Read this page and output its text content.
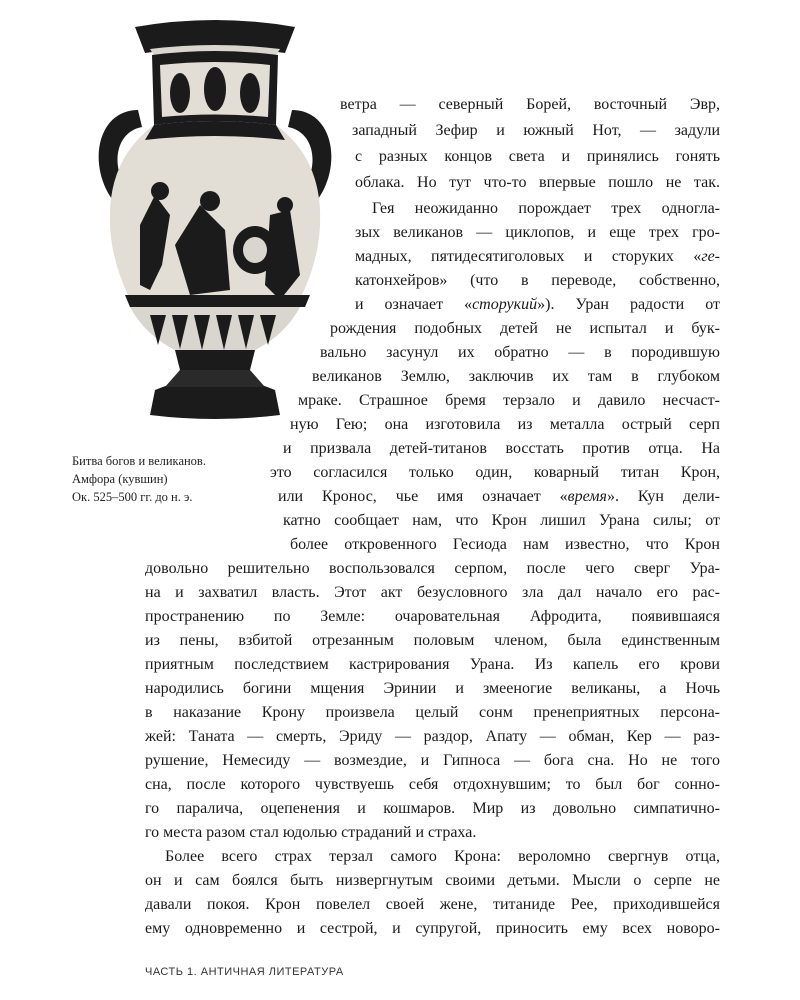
Битва богов и великанов.
Амфора (кувшин)
Ок. 525–500 гг. до н. э.
ветра — северный Борей, восточный Эвр,
западный Зефир и южный Нот, — задули
с разных концов света и принялись гонять
облака. Но тут что-то впервые пошло не так.
Гея неожиданно порождает трех одногла-
зых великанов — циклопов, и еще трех гро-
мадных, пятидесятиголовых и сторуких «ге-
катонхейров» (что в переводе, собственно,
и означает «сторукий»). Уран радости от
рождения подобных детей не испытал и бук-
вально засунул их обратно — в породившую
великанов Землю, заключив их там в глубоком
мраке. Страшное бремя терзало и давило несчаст-
ную Гею; она изготовила из металла острый серп
и призвала детей-титанов восстать против отца. На
это согласился только один, коварный титан Крон,
или Кронос, чье имя означает «время». Кун дели-
катно сообщает нам, что Крон лишил Урана силы; от
более откровенного Гесиода нам известно, что Крон
довольно решительно воспользовался серпом, после чего сверг Ура-
на и захватил власть. Этот акт безусловного зла дал начало его рас-
пространению по Земле: очаровательная Афродита, появившаяся
из пены, взбитой отрезанным половым членом, была единственным
приятным последствием кастрирования Урана. Из капель его крови
народились богини мщения Эринии и змееногие великаны, а Ночь
в наказание Крону произвела целый сонм пренеприятных персона-
жей: Таната — смерть, Эриду — раздор, Апату — обман, Кер — раз-
рушение, Немесиду — возмездие, и Гипноса — бога сна. Но не того
сна, после которого чувствуешь себя отдохнувшим; то был бог сонно-
го паралича, оцепенения и кошмаров. Мир из довольно симпатично-
го места разом стал юдолью страданий и страха.
Более всего страх терзал самого Крона: вероломно свергнув отца,
он и сам боялся быть низвергнутым своими детьми. Мысли о серпе не
давали покоя. Крон повелел своей жене, титаниде Рее, приходившейся
ему одновременно и сестрой, и супругой, приносить ему всех новоро-
ЧАСТЬ 1. АНТИЧНАЯ ЛИТЕРАТУРА
